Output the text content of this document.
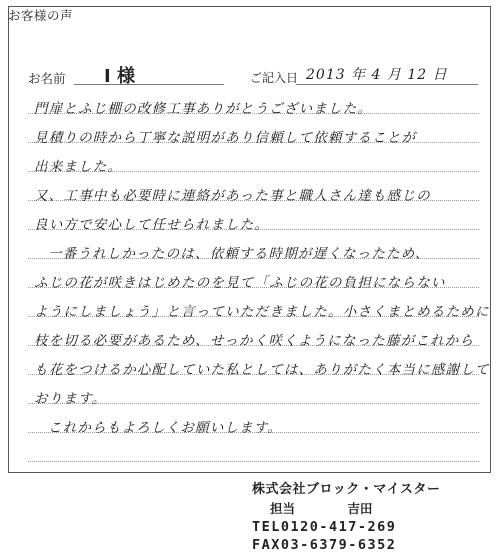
お客様の声
お名前 I 様	ご記入日 2013 年 4 月 12 日
門扉とふじ棚の改修工事ありがとうございました。
見積りの時から丁寧な説明があり信頼して依頼することが
出来ました。
又、工事中も必要時に連絡があった事と職人さん達も感じの
良い方で安心して任せられました。
一番うれしかったのは、依頼する時期が遅くなったため、
ふじの花が咲きはじめたのを見て「ふじの花の負担にならない
ようにしましょう」と言っていただきました。小さくまとめるために
枝を切る必要があるため、せっかく咲くようになった藤がこれから
も花をつけるか心配していた私としては、ありがたく本当に感謝して
おります。
これからもよろしくお願いします。
株式会社ブロック・マイスター
担当	吉田
TEL0120-417-269
FAX03-6379-6352
